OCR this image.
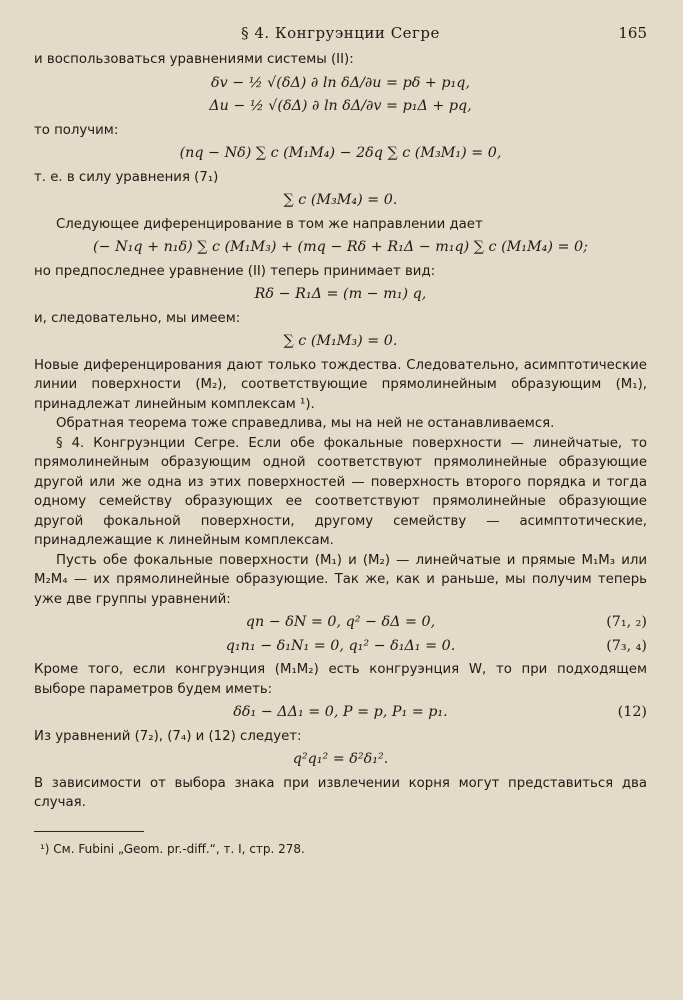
§ 4. Конгруэнции Сегре	165

и воспользоваться уравнениями системы (II):

δv − ½ √(δΔ) ∂ ln δΔ/∂u = pδ + p₁q,
Δu − ½ √(δΔ) ∂ ln δΔ/∂v = p₁Δ + pq,

то получим:

(nq − Nδ) ∑ c (M₁M₄) − 2δq ∑ c (M₃M₁) = 0,

т. е. в силу уравнения (7₁)

∑ c (M₃M₄) = 0.

Следующее диференцирование в том же направлении дает

(− N₁q + n₁δ) ∑ c (M₁M₃) + (mq − Rδ + R₁Δ − m₁q) ∑ c (M₁M₄) = 0;

но предпоследнее уравнение (II) теперь принимает вид:

Rδ − R₁Δ = (m − m₁) q,

и, следовательно, мы имеем:

∑ c (M₁M₃) = 0.

Новые диференцирования дают только тождества. Следовательно, асимптотические линии поверхности (M₂), соответствующие прямолинейным образующим (M₁), принадлежат линейным комплексам ¹).

Обратная теорема тоже справедлива, мы на ней не останавливаемся.

§ 4. Конгруэнции Сегре. Если обе фокальные поверхности — линейчатые, то прямолинейным образующим одной соответствуют прямолинейные образующие другой или же одна из этих поверхностей — поверхность второго порядка и тогда одному семейству образующих ее соответствуют прямолинейные образующие другой фокальной поверхности, другому семейству — асимптотические, принадлежащие к линейным комплексам.

Пусть обе фокальные поверхности (M₁) и (M₂) — линейчатые и прямые M₁M₃ или M₂M₄ — их прямолинейные образующие. Так же, как и раньше, мы получим теперь уже две группы уравнений:

qn − δN = 0, q² − δΔ = 0,	(7₁, ₂)
q₁n₁ − δ₁N₁ = 0, q₁² − δ₁Δ₁ = 0.	(7₃, ₄)

Кроме того, если конгруэнция (M₁M₂) есть конгруэнция W, то при подходящем выборе параметров будем иметь:

δδ₁ − ΔΔ₁ = 0, P = p, P₁ = p₁.	(12)

Из уравнений (7₂), (7₄) и (12) следует:

q²q₁² = δ²δ₁².

В зависимости от выбора знака при извлечении корня могут представиться два случая.

¹) См. Fubini „Geom. pr.-diff.“, т. I, стр. 278.
